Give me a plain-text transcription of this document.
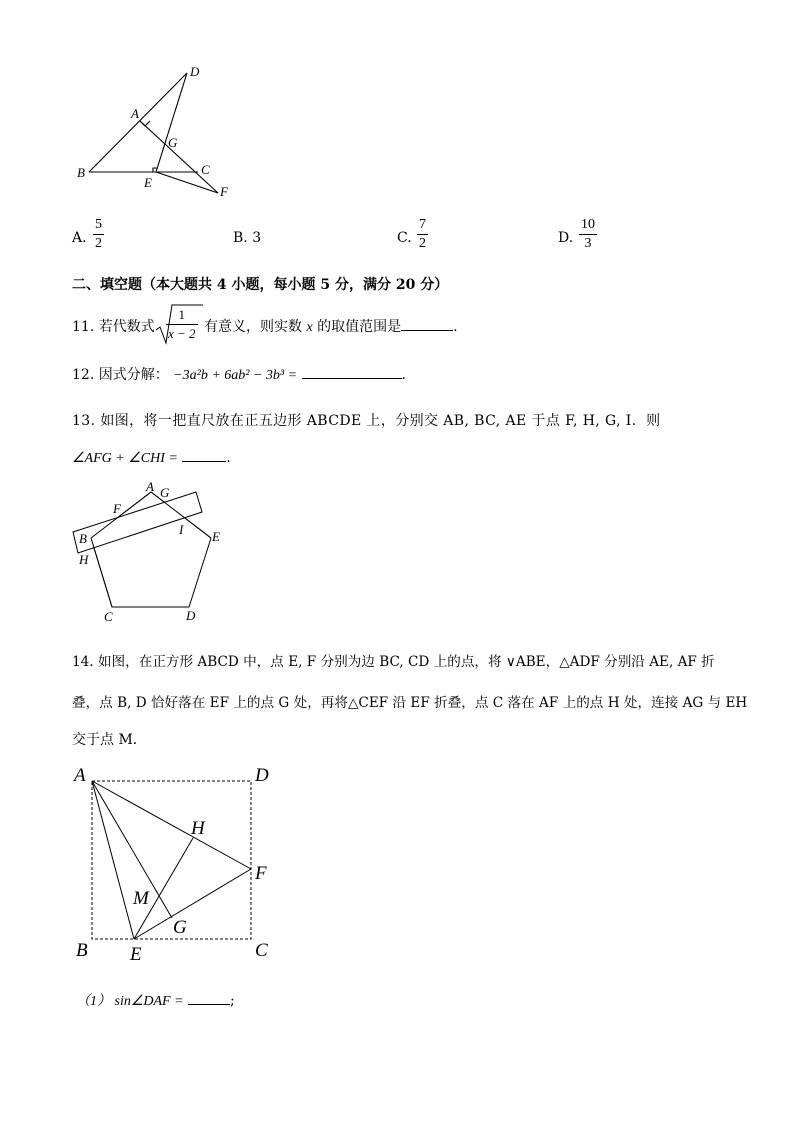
D
A
G
B	C
E
F
A.
5
2	B. 3	C.
7
2	D.
10
3
二、填空题（本大题共 4 小题，每小题 5 分，满分 20 分）
11. 若代数式
1
x − 2 有意义，则实数 x 的取值范围是	.
12. 因式分解： −3a²b + 6ab² − 3b³ =	.
13. 如图，将一把直尺放在正五边形 ABCDE 上，分别交 AB, BC, AE 于点 F, H, G, I．则
∠AFG + ∠CHI =	.
A G
F
I
B	E
H
C	D
14. 如图，在正方形 ABCD 中，点 E, F 分别为边 BC, CD 上的点，将 ∨ABE，△ADF 分别沿 AE, AF 折
叠，点 B, D 恰好落在 EF 上的点 G 处，再将△CEF 沿 EF 折叠，点 C 落在 AF 上的点 H 处，连接 AG 与 EH
交于点 M．
A	D
H
F
M
G
B E	C
（1） sin∠DAF =	;
